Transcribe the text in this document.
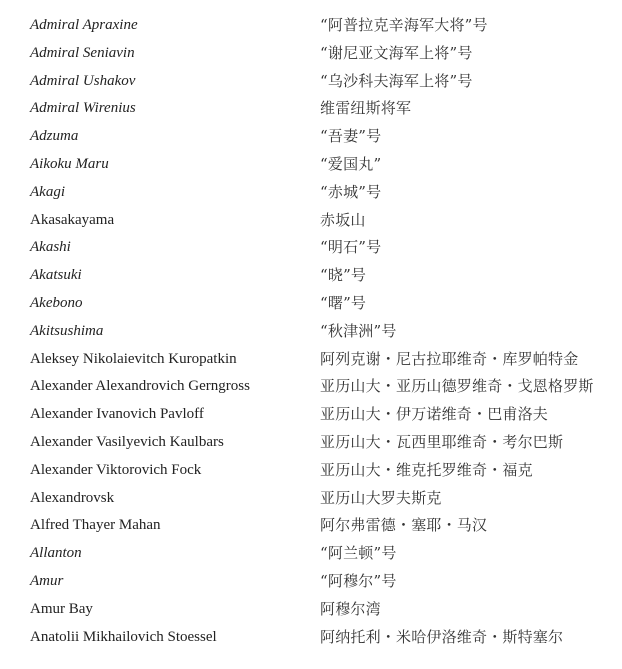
Admiral Apraxine	“阿普拉克辛海军大将”号
Admiral Seniavin	“谢尼亚文海军上将”号
Admiral Ushakov	“乌沙科夫海军上将”号
Admiral Wirenius	维雷纽斯将军
Adzuma	“吾妻”号
Aikoku Maru	“爱国丸”
Akagi	“赤城”号
Akasakayama	赤坂山
Akashi	“明石”号
Akatsuki	“晓”号
Akebono	“曙”号
Akitsushima	“秋津洲”号
Aleksey Nikolaievitch Kuropatkin	阿列克谢・尼古拉耶维奇・库罗帕特金
Alexander Alexandrovich Gerngross	亚历山大・亚历山德罗维奇・戈恩格罗斯
Alexander Ivanovich Pavloff	亚历山大・伊万诺维奇・巴甫洛夫
Alexander Vasilyevich Kaulbars	亚历山大・瓦西里耶维奇・考尔巴斯
Alexander Viktorovich Fock	亚历山大・维克托罗维奇・福克
Alexandrovsk	亚历山大罗夫斯克
Alfred Thayer Mahan	阿尔弗雷德・塞耶・马汉
Allanton	“阿兰顿”号
Amur	“阿穆尔”号
Amur Bay	阿穆尔湾
Anatolii Mikhailovich Stoessel	阿纳托利・米哈伊洛维奇・斯特塞尔
